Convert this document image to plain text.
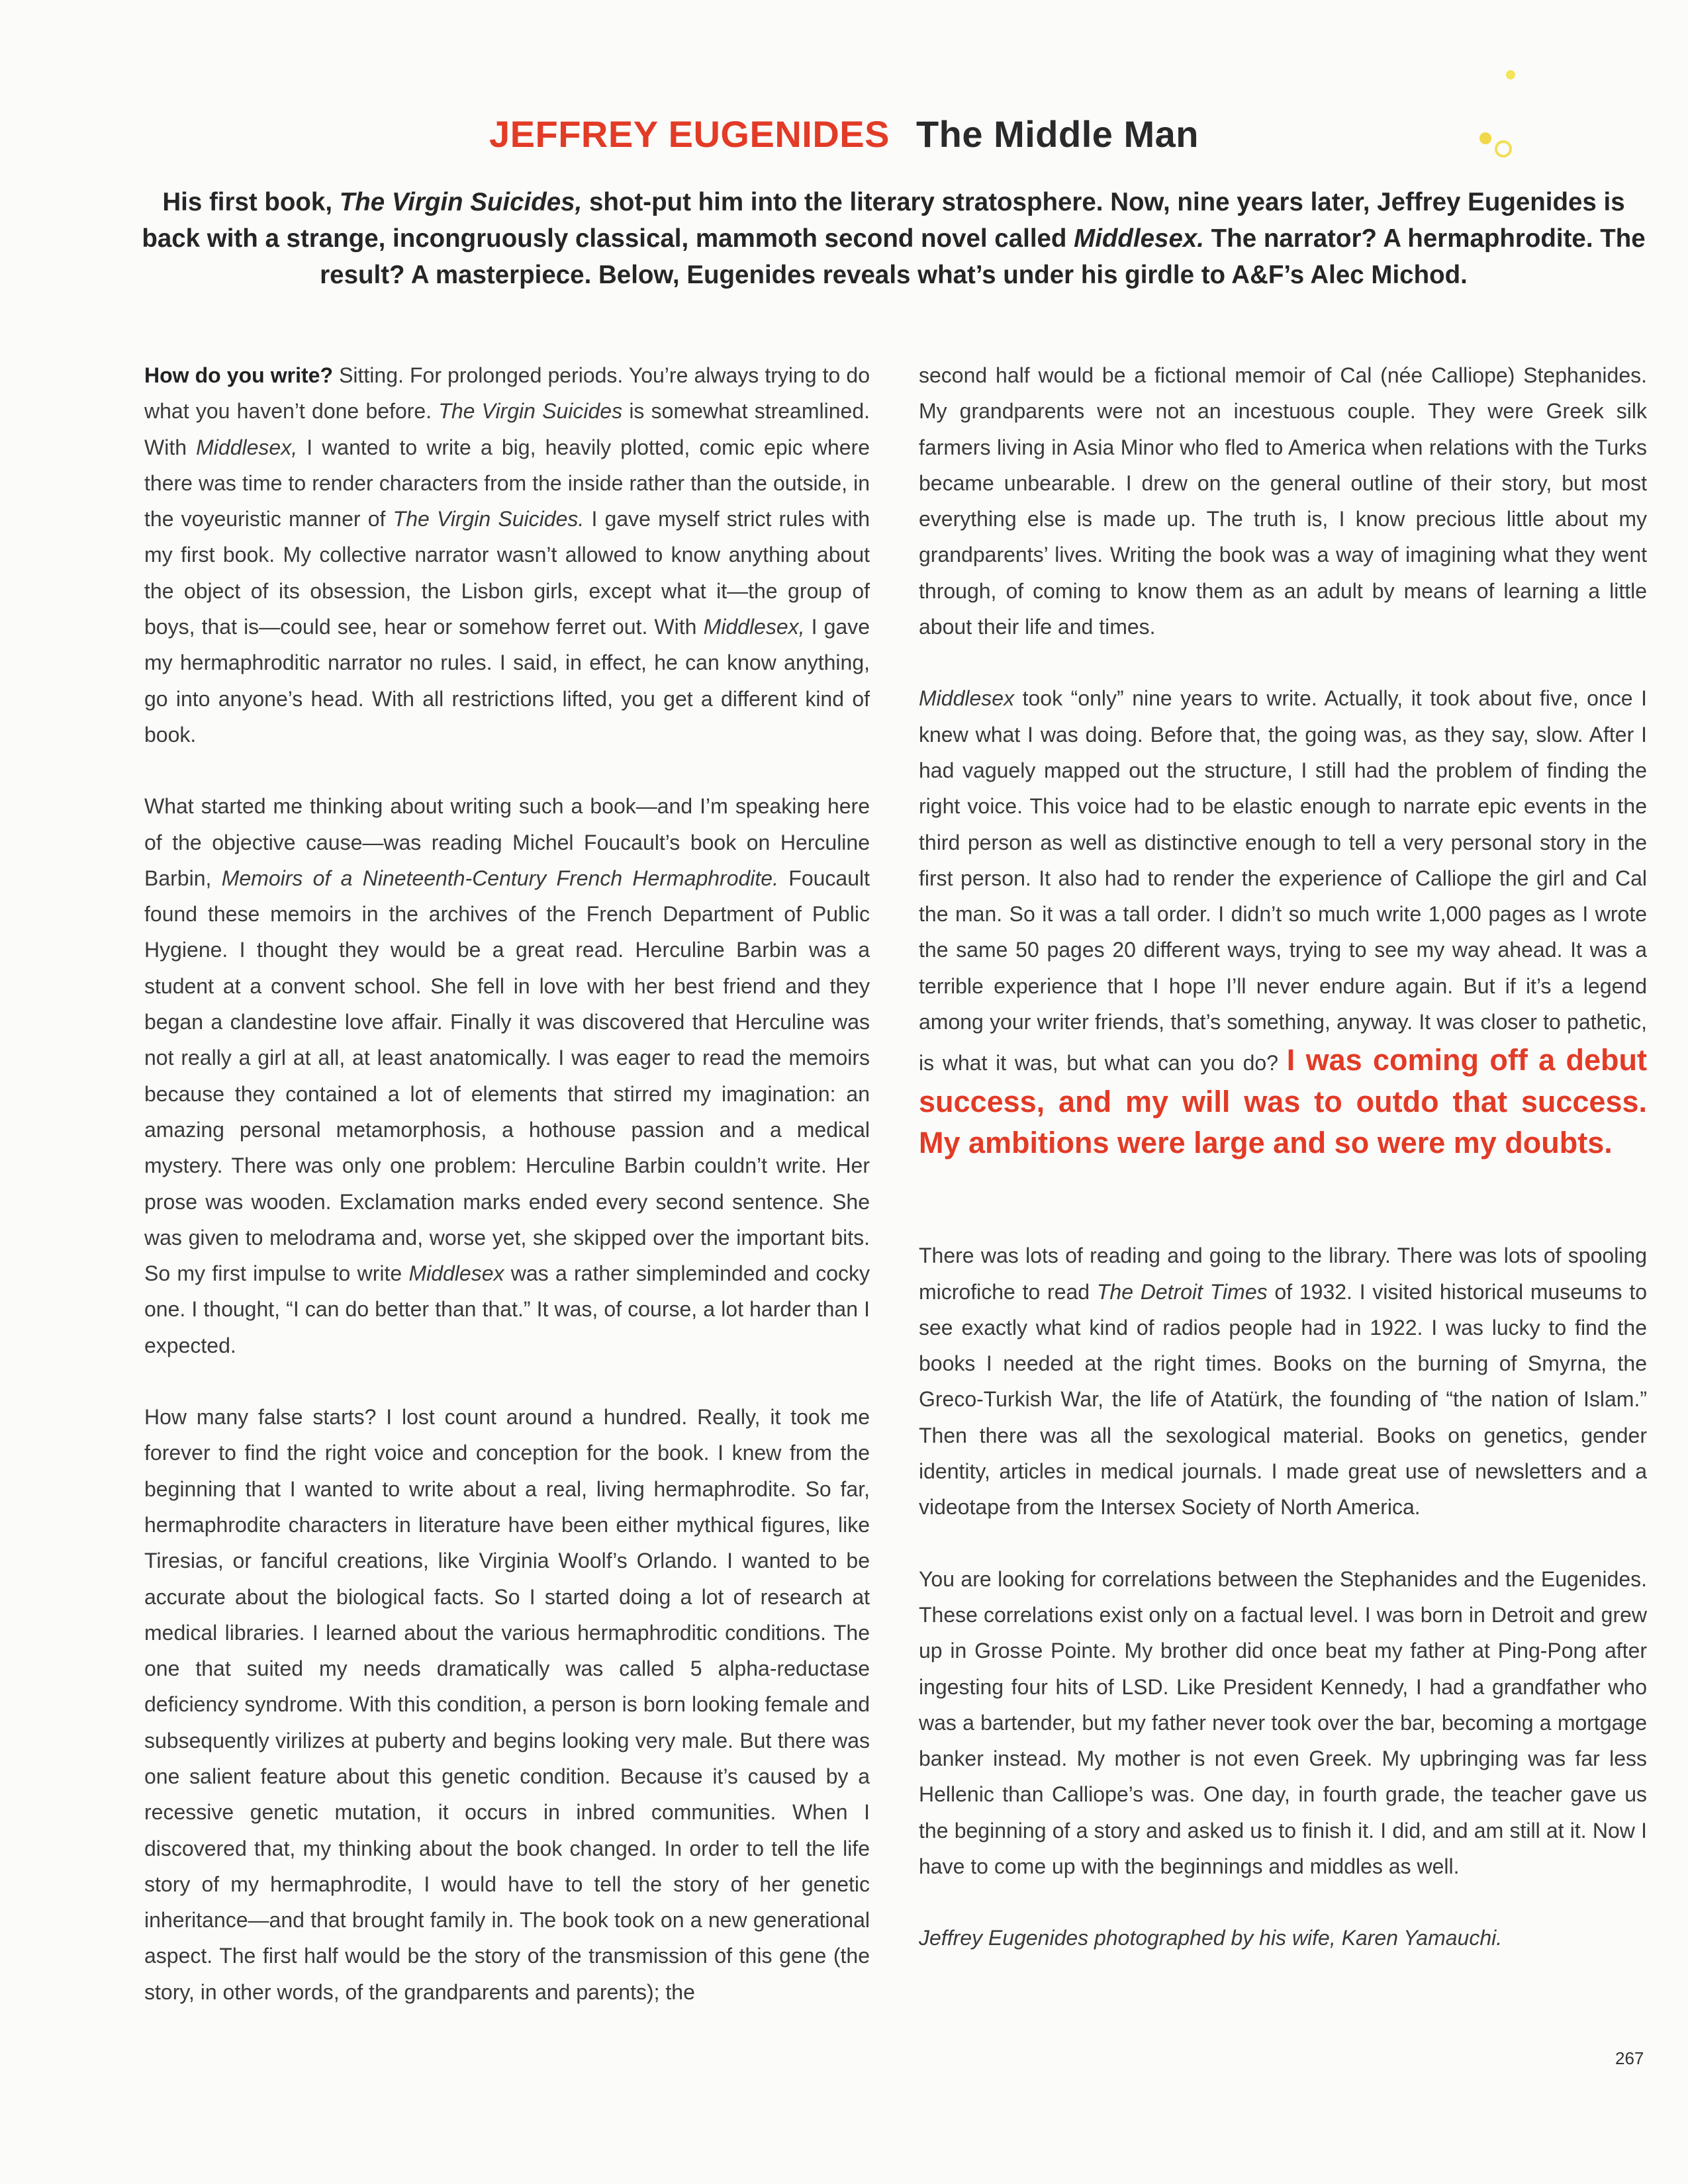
JEFFREY EUGENIDES The Middle Man
His first book, The Virgin Suicides, shot-put him into the literary stratosphere. Now, nine years later, Jeffrey Eugenides is back with a strange, incongruously classical, mammoth second novel called Middlesex. The narrator? A hermaphrodite. The result? A masterpiece. Below, Eugenides reveals what’s under his girdle to A&F’s Alec Michod.

How do you write? Sitting. For prolonged periods. You’re always trying to do what you haven’t done before. The Virgin Suicides is somewhat streamlined. With Middlesex, I wanted to write a big, heavily plotted, comic epic where there was time to render characters from the inside rather than the outside, in the voyeuristic manner of The Virgin Suicides. I gave myself strict rules with my first book. My collective narrator wasn’t allowed to know anything about the object of its obsession, the Lisbon girls, except what it—the group of boys, that is—could see, hear or somehow ferret out. With Middlesex, I gave my hermaphroditic narrator no rules. I said, in effect, he can know anything, go into anyone’s head. With all restrictions lifted, you get a different kind of book.

What started me thinking about writing such a book—and I’m speaking here of the objective cause—was reading Michel Foucault’s book on Herculine Barbin, Memoirs of a Nineteenth-Century French Hermaphrodite. Foucault found these memoirs in the archives of the French Department of Public Hygiene. I thought they would be a great read. Herculine Barbin was a student at a convent school. She fell in love with her best friend and they began a clandestine love affair. Finally it was discovered that Herculine was not really a girl at all, at least anatomically. I was eager to read the memoirs because they contained a lot of elements that stirred my imagination: an amazing personal metamorphosis, a hothouse passion and a medical mystery. There was only one problem: Herculine Barbin couldn’t write. Her prose was wooden. Exclamation marks ended every second sentence. She was given to melodrama and, worse yet, she skipped over the important bits. So my first impulse to write Middlesex was a rather simpleminded and cocky one. I thought, “I can do better than that.” It was, of course, a lot harder than I expected.

How many false starts? I lost count around a hundred. Really, it took me forever to find the right voice and conception for the book. I knew from the beginning that I wanted to write about a real, living hermaphrodite. So far, hermaphrodite characters in literature have been either mythical figures, like Tiresias, or fanciful creations, like Virginia Woolf’s Orlando. I wanted to be accurate about the biological facts. So I started doing a lot of research at medical libraries. I learned about the various hermaphroditic conditions. The one that suited my needs dramatically was called 5 alpha-reductase deficiency syndrome. With this condition, a person is born looking female and subsequently virilizes at puberty and begins looking very male. But there was one salient feature about this genetic condition. Because it’s caused by a recessive genetic mutation, it occurs in inbred communities. When I discovered that, my thinking about the book changed. In order to tell the life story of my hermaphrodite, I would have to tell the story of her genetic inheritance—and that brought family in. The book took on a new generational aspect. The first half would be the story of the transmission of this gene (the story, in other words, of the grandparents and parents); the

second half would be a fictional memoir of Cal (née Calliope) Stephanides. My grandparents were not an incestuous couple. They were Greek silk farmers living in Asia Minor who fled to America when relations with the Turks became unbearable. I drew on the general outline of their story, but most everything else is made up. The truth is, I know precious little about my grandparents’ lives. Writing the book was a way of imagining what they went through, of coming to know them as an adult by means of learning a little about their life and times.

Middlesex took “only” nine years to write. Actually, it took about five, once I knew what I was doing. Before that, the going was, as they say, slow. After I had vaguely mapped out the structure, I still had the problem of finding the right voice. This voice had to be elastic enough to narrate epic events in the third person as well as distinctive enough to tell a very personal story in the first person. It also had to render the experience of Calliope the girl and Cal the man. So it was a tall order. I didn’t so much write 1,000 pages as I wrote the same 50 pages 20 different ways, trying to see my way ahead. It was a terrible experience that I hope I’ll never endure again. But if it’s a legend among your writer friends, that’s something, anyway. It was closer to pathetic, is what it was, but what can you do? I was coming off a debut success, and my will was to outdo that success. My ambitions were large and so were my doubts.

There was lots of reading and going to the library. There was lots of spooling microfiche to read The Detroit Times of 1932. I visited historical museums to see exactly what kind of radios people had in 1922. I was lucky to find the books I needed at the right times. Books on the burning of Smyrna, the Greco-Turkish War, the life of Atatürk, the founding of “the nation of Islam.” Then there was all the sexological material. Books on genetics, gender identity, articles in medical journals. I made great use of newsletters and a videotape from the Intersex Society of North America.

You are looking for correlations between the Stephanides and the Eugenides. These correlations exist only on a factual level. I was born in Detroit and grew up in Grosse Pointe. My brother did once beat my father at Ping-Pong after ingesting four hits of LSD. Like President Kennedy, I had a grandfather who was a bartender, but my father never took over the bar, becoming a mortgage banker instead. My mother is not even Greek. My upbringing was far less Hellenic than Calliope’s was. One day, in fourth grade, the teacher gave us the beginning of a story and asked us to finish it. I did, and am still at it. Now I have to come up with the beginnings and middles as well.

Jeffrey Eugenides photographed by his wife, Karen Yamauchi.

267
